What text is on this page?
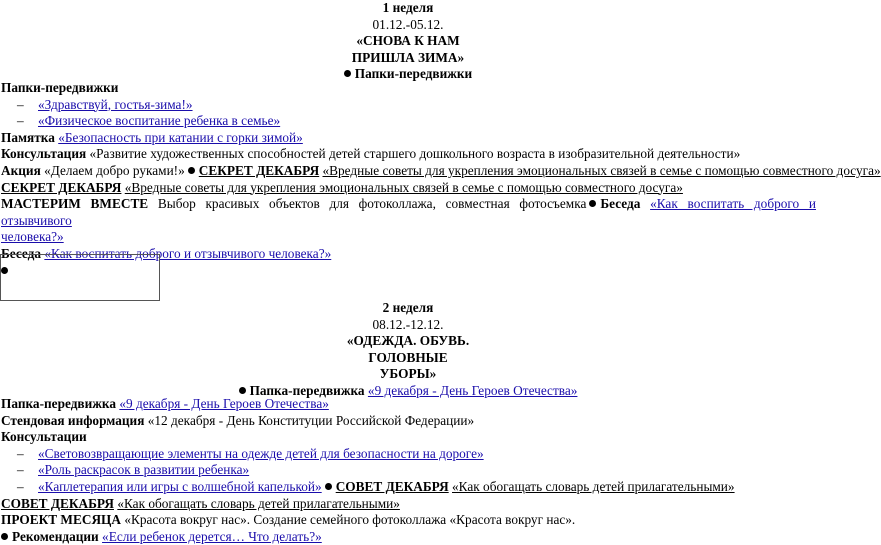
1 неделя
01.12.-05.12.
«СНОВА К НАМ
ПРИШЛА ЗИМА»
Папки-передвижки
Папки-передвижки
– «Здравствуй, гостья-зима!»
– «Физическое воспитание ребенка в семье»
Памятка «Безопасность при катании с горки зимой»
Консультация «Развитие художественных способностей детей старшего дошкольного возраста в изобразительной деятельности»
Акция «Делаем добро руками!» СЕКРЕТ ДЕКАБРЯ «Вредные советы для укрепления эмоциональных связей в семье с помощью совместного досуга»
СЕКРЕТ ДЕКАБРЯ «Вредные советы для укрепления эмоциональных связей в семье с помощью совместного досуга»
МАСТЕРИМ ВМЕСТЕ Выбор красивых объектов для фотоколлажа, совместная фотосъемка Беседа «Как воспитать доброго и отзывчивого
человека?»
Беседа «Как воспитать доброго и отзывчивого человека?»
2 неделя
08.12.-12.12.
«ОДЕЖДА. ОБУВЬ.
ГОЛОВНЫЕ
УБОРЫ»
Папка-передвижка «9 декабря - День Героев Отечества»
Папка-передвижка «9 декабря - День Героев Отечества»
Стендовая информация «12 декабря - День Конституции Российской Федерации»
Консультации
– «Световозвращающие элементы на одежде детей для безопасности на дороге»
– «Роль раскрасок в развитии ребенка»
– «Каплетерапия или игры с волшебной капелькой» СОВЕТ ДЕКАБРЯ «Как обогащать словарь детей прилагательными»
СОВЕТ ДЕКАБРЯ «Как обогащать словарь детей прилагательными»
ПРОЕКТ МЕСЯЦА «Красота вокруг нас». Создание семейного фотоколлажа «Красота вокруг нас».
Рекомендации «Если ребенок дерется… Что делать?»
